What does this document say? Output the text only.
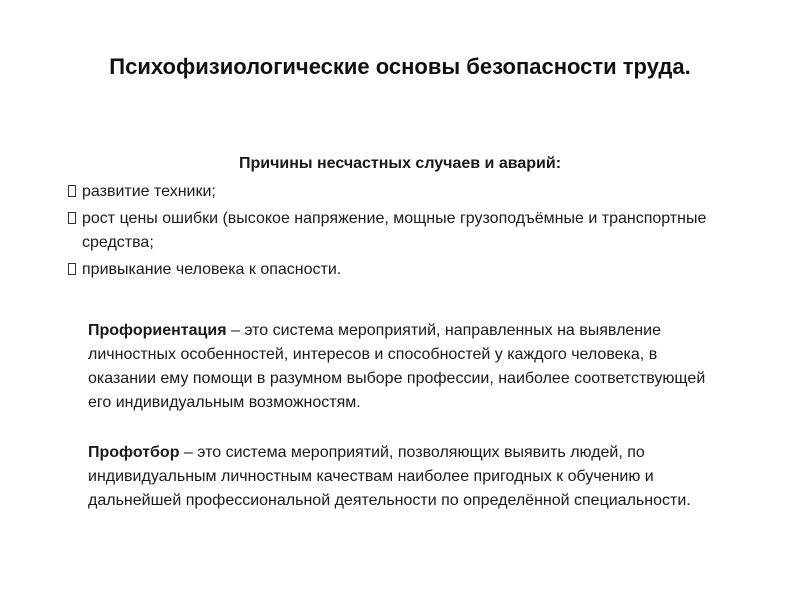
Психофизиологические основы безопасности труда.
Причины несчастных случаев и аварий:
развитие техники;
рост цены ошибки (высокое напряжение, мощные грузоподъёмные и транспортные средства;
привыкание человека к опасности.

Профориентация – это система мероприятий, направленных на выявление личностных особенностей, интересов и способностей у каждого человека, в оказании ему помощи в разумном выборе профессии, наиболее соответствующей его индивидуальным возможностям.

Профотбор – это система мероприятий, позволяющих выявить людей, по индивидуальным личностным качествам наиболее пригодных к обучению и дальнейшей профессиональной деятельности по определённой специальности.
